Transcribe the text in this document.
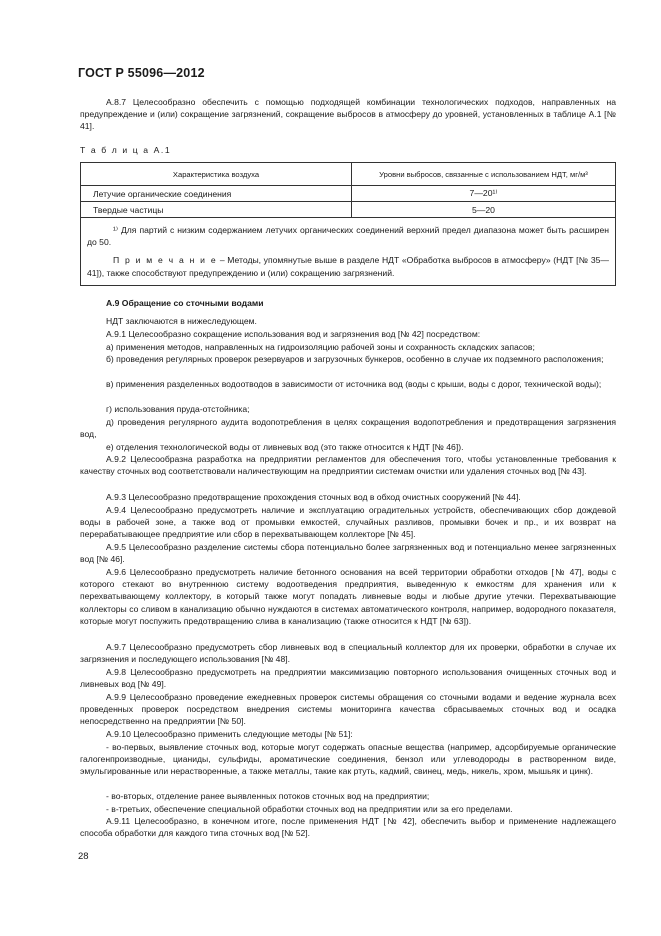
ГОСТ Р 55096—2012
А.8.7 Целесообразно обеспечить с помощью подходящей комбинации технологических подходов, направленных на предупреждение и (или) сокращение загрязнений, сокращение выбросов в атмосферу до уровней, установленных в таблице А.1 [№ 41].
Т а б л и ц а А.1
Характеристика воздуха	Уровни выбросов, связанные с использованием НДТ, мг/м³
Летучие органические соединения	7—20¹⁾
Твердые частицы	5—20

¹⁾ Для партий с низким содержанием летучих органических соединений верхний предел диапазона может быть расширен до 50.
П р и м е ч а н и е – Методы, упомянутые выше в разделе НДТ «Обработка выбросов в атмосферу» (НДТ [№ 35—41]), также способствуют предупреждению и (или) сокращению загрязнений.	
А.9 Обращение со сточными водами
НДТ заключаются в нижеследующем.
А.9.1 Целесообразно сокращение использования вод и загрязнения вод [№ 42] посредством:
а) применения методов, направленных на гидроизоляцию рабочей зоны и сохранность складских запасов;
б) проведения регулярных проверок резервуаров и загрузочных бункеров, особенно в случае их подземного расположения;
в) применения разделенных водоотводов в зависимости от источника вод (воды с крыши, воды с дорог, технической воды);
г) использования пруда-отстойника;
д) проведения регулярного аудита водопотребления в целях сокращения водопотребления и предотвращения загрязнения вод,
е) отделения технологической воды от ливневых вод (это также относится к НДТ [№ 46]).
А.9.2 Целесообразна разработка на предприятии регламентов для обеспечения того, чтобы установленные требования к качеству сточных вод соответствовали наличествующим на предприятии системам очистки или удаления сточных вод [№ 43].
А.9.3 Целесообразно предотвращение прохождения сточных вод в обход очистных сооружений [№ 44].
А.9.4 Целесообразно предусмотреть наличие и эксплуатацию оградительных устройств, обеспечивающих сбор дождевой воды в рабочей зоне, а также вод от промывки емкостей, случайных разливов, промывки бочек и пр., и их возврат на перерабатывающее предприятие или сбор в перехватывающем коллекторе [№ 45].
А.9.5 Целесообразно разделение системы сбора потенциально более загрязненных вод и потенциально менее загрязненных вод [№ 46].
А.9.6 Целесообразно предусмотреть наличие бетонного основания на всей территории обработки отходов [№ 47], воды с которого стекают во внутреннюю систему водоотведения предприятия, выведенную к емкостям для хранения или к перехватывающему коллектору, в который также могут попадать ливневые воды и любые другие утечки. Перехватывающие коллекторы со сливом в канализацию обычно нуждаются в системах автоматического контроля, например, водородного показателя, которые могут поспужить предотвращению слива в канализацию (также относится к НДТ [№ 63]).
А.9.7 Целесообразно предусмотреть сбор ливневых вод в специальный коллектор для их проверки, обработки в случае их загрязнения и последующего использования [№ 48].
А.9.8 Целесообразно предусмотреть на предприятии максимизацию повторного использования очищенных сточных вод и ливневых вод [№ 49].
А.9.9 Целесообразно проведение ежедневных проверок системы обращения со сточными водами и ведение журнала всех проведенных проверок посредством внедрения системы мониторинга качества сбрасываемых сточных вод и осадка непосредственно на предприятии [№ 50].
А.9.10 Целесообразно применить следующие методы [№ 51]:
- во-первых, выявление сточных вод, которые могут содержать опасные вещества (например, адсорбируемые органические галогенпроизводные, цианиды, сульфиды, ароматические соединения, бензол или углеводороды в растворенном виде, эмульгированные или нерастворенные, а также металлы, такие как ртуть, кадмий, свинец, медь, никель, хром, мышьяк и цинк).
- во-вторых, отделение ранее выявленных потоков сточных вод на предприятии;
- в-третьих, обеспечение специальной обработки сточных вод на предприятии или за его пределами.
А.9.11 Целесообразно, в конечном итоге, после применения НДТ [№ 42], обеспечить выбор и применение надлежащего способа обработки для каждого типа сточных вод [№ 52].
28
